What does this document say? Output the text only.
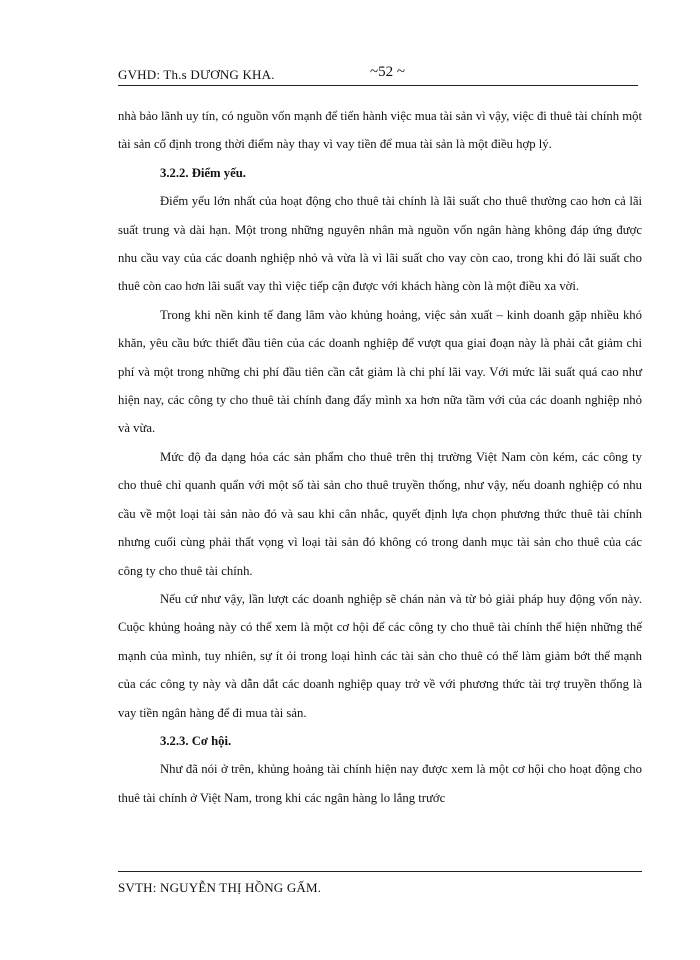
GVHD: Th.s DƯƠNG KHA.	~52 ~

nhà bảo lãnh uy tín, có nguồn vốn mạnh để tiến hành việc mua tài sản vì vậy, việc đi thuê tài chính một tài sản cố định trong thời điểm này thay vì vay tiền để mua tài sản là một điều hợp lý.

3.2.2. Điểm yếu.

Điểm yếu lớn nhất của hoạt động cho thuê tài chính là lãi suất cho thuê thường cao hơn cả lãi suất trung và dài hạn. Một trong những nguyên nhân mà nguồn vốn ngân hàng không đáp ứng được nhu cầu vay của các doanh nghiệp nhỏ và vừa là vì lãi suất cho vay còn cao, trong khi đó lãi suất cho thuê còn cao hơn lãi suất vay thì việc tiếp cận được với khách hàng còn là một điều xa vời.

Trong khi nền kinh tế đang lâm vào khủng hoảng, việc sản xuất – kinh doanh gặp nhiều khó khăn, yêu cầu bức thiết đầu tiên của các doanh nghiệp để vượt qua giai đoạn này là phải cắt giảm chi phí và một trong những chi phí đầu tiên cần cắt giảm là chi phí lãi vay. Với mức lãi suất quá cao như hiện nay, các công ty cho thuê tài chính đang đẩy mình xa hơn nữa tầm với của các doanh nghiệp nhỏ và vừa.

Mức độ đa dạng hóa các sản phẩm cho thuê trên thị trường Việt Nam còn kém, các công ty cho thuê chỉ quanh quẩn với một số tài sản cho thuê truyền thống, như vậy, nếu doanh nghiệp có nhu cầu về một loại tài sản nào đó và sau khi cân nhắc, quyết định lựa chọn phương thức thuê tài chính nhưng cuối cùng phải thất vọng vì loại tài sản đó không có trong danh mục tài sản cho thuê của các công ty cho thuê tài chính.

Nếu cứ như vậy, lần lượt các doanh nghiệp sẽ chán nản và từ bỏ giải pháp huy động vốn này. Cuộc khủng hoảng này có thể xem là một cơ hội để các công ty cho thuê tài chính thể hiện những thế mạnh của mình, tuy nhiên, sự ít ỏi trong loại hình các tài sản cho thuê có thể làm giảm bớt thế mạnh của các công ty này và dẫn dắt các doanh nghiệp quay trở về với phương thức tài trợ truyền thống là vay tiền ngân hàng để đi mua tài sản.

3.2.3. Cơ hội.

Như đã nói ở trên, khủng hoảng tài chính hiện nay được xem là một cơ hội cho hoạt động cho thuê tài chính ở Việt Nam, trong khi các ngân hàng lo lắng trước

SVTH: NGUYỄN THỊ HỒNG GẤM.
